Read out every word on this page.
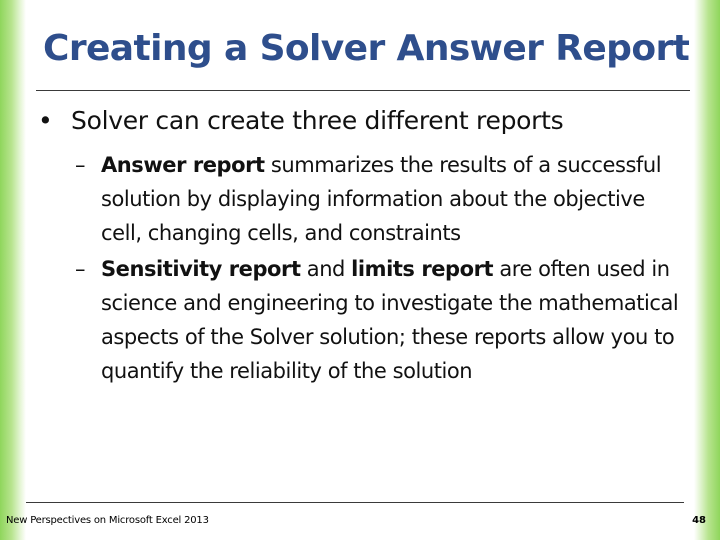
Creating a Solver Answer Report
• Solver can create three different reports
– Answer report summarizes the results of a successful solution by displaying information about the objective cell, changing cells, and constraints
– Sensitivity report and limits report are often used in science and engineering to investigate the mathematical aspects of the Solver solution; these reports allow you to quantify the reliability of the solution
New Perspectives on Microsoft Excel 2013	48
